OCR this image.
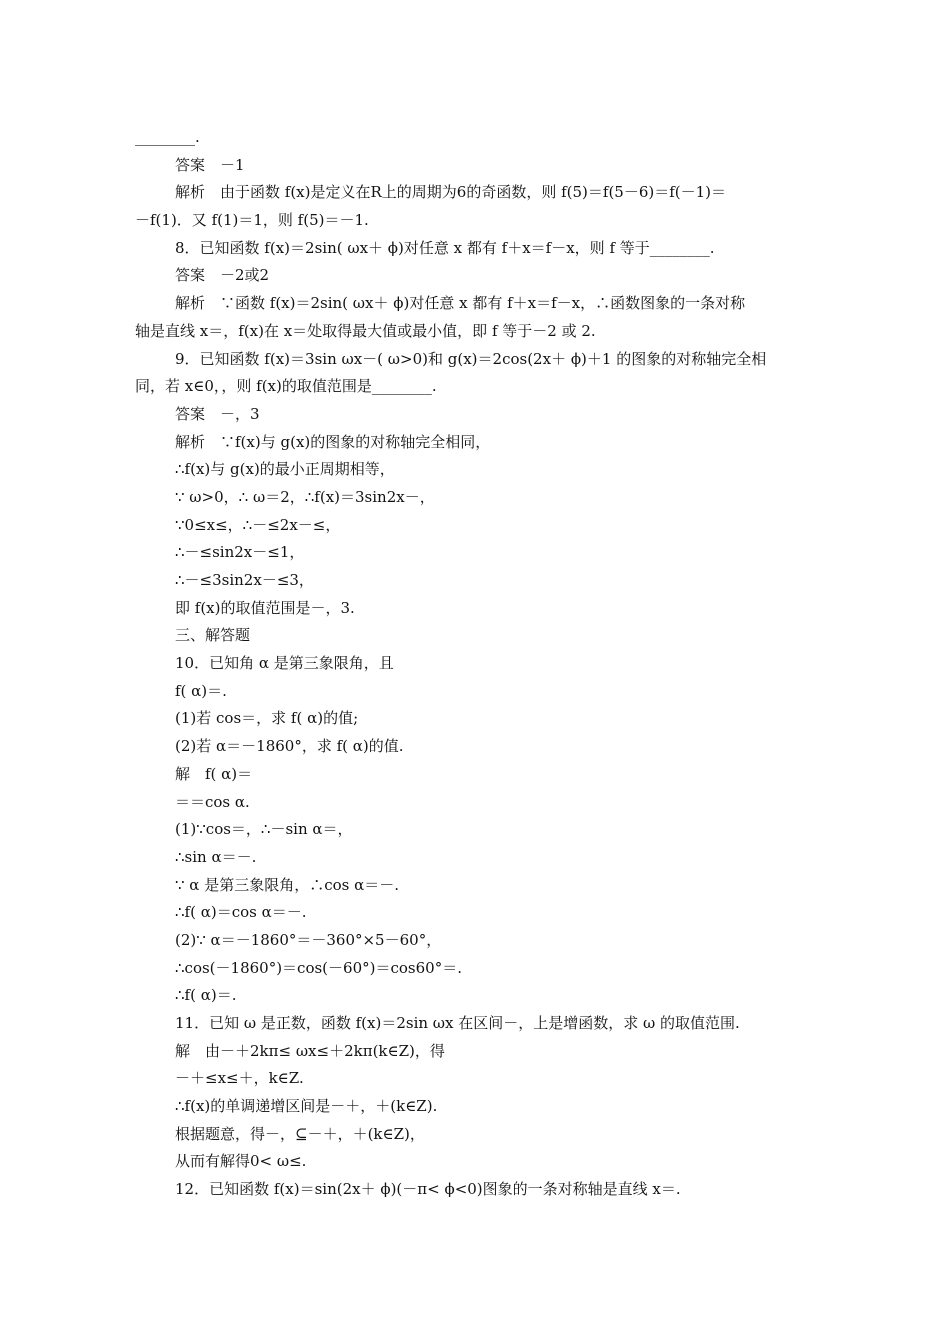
________.
答案　－1
解析　由于函数 f(x)是定义在R上的周期为6的奇函数，则 f(5)＝f(5－6)＝f(－1)＝
－f(1)．又 f(1)＝1，则 f(5)＝－1.
8．已知函数 f(x)＝2sin( ωx＋ ϕ)对任意 x 都有 f＋x＝f－x，则 f 等于________.
答案　－2或2
解析　∵函数 f(x)＝2sin( ωx＋ ϕ)对任意 x 都有 f＋x＝f－x，∴函数图象的一条对称
轴是直线 x＝，f(x)在 x＝处取得最大值或最小值，即 f 等于－2 或 2.
9．已知函数 f(x)＝3sin ωx－( ω>0)和 g(x)＝2cos(2x＋ ϕ)＋1 的图象的对称轴完全相
同，若 x∈0，，则 f(x)的取值范围是________.
答案　－，3
解析　∵f(x)与 g(x)的图象的对称轴完全相同，
∴f(x)与 g(x)的最小正周期相等，
∵ ω>0，∴ ω＝2，∴f(x)＝3sin2x－，
∵0≤x≤，∴－≤2x－≤，
∴－≤sin2x－≤1，
∴－≤3sin2x－≤3，
即 f(x)的取值范围是－，3.
三、解答题
10．已知角 α 是第三象限角，且
f( α)＝.
(1)若 cos＝，求 f( α)的值;
(2)若 α＝－1860°，求 f( α)的值.
解　f( α)＝
＝＝cos α.
(1)∵cos＝，∴－sin α＝，
∴sin α＝－.
∵ α 是第三象限角，∴cos α＝－.
∴f( α)＝cos α＝－.
(2)∵ α＝－1860°＝－360°×5－60°，
∴cos(－1860°)＝cos(－60°)＝cos60°＝.
∴f( α)＝.
11．已知 ω 是正数，函数 f(x)＝2sin ωx 在区间－，上是增函数，求 ω 的取值范围.
解　由－＋2kπ≤ ωx≤＋2kπ(k∈Z)，得
－＋≤x≤＋，k∈Z.
∴f(x)的单调递增区间是－＋，＋(k∈Z).
根据题意，得－，⊆－＋，＋(k∈Z)，
从而有解得0< ω≤.
12．已知函数 f(x)＝sin(2x＋ ϕ)(－π< ϕ<0)图象的一条对称轴是直线 x＝.
